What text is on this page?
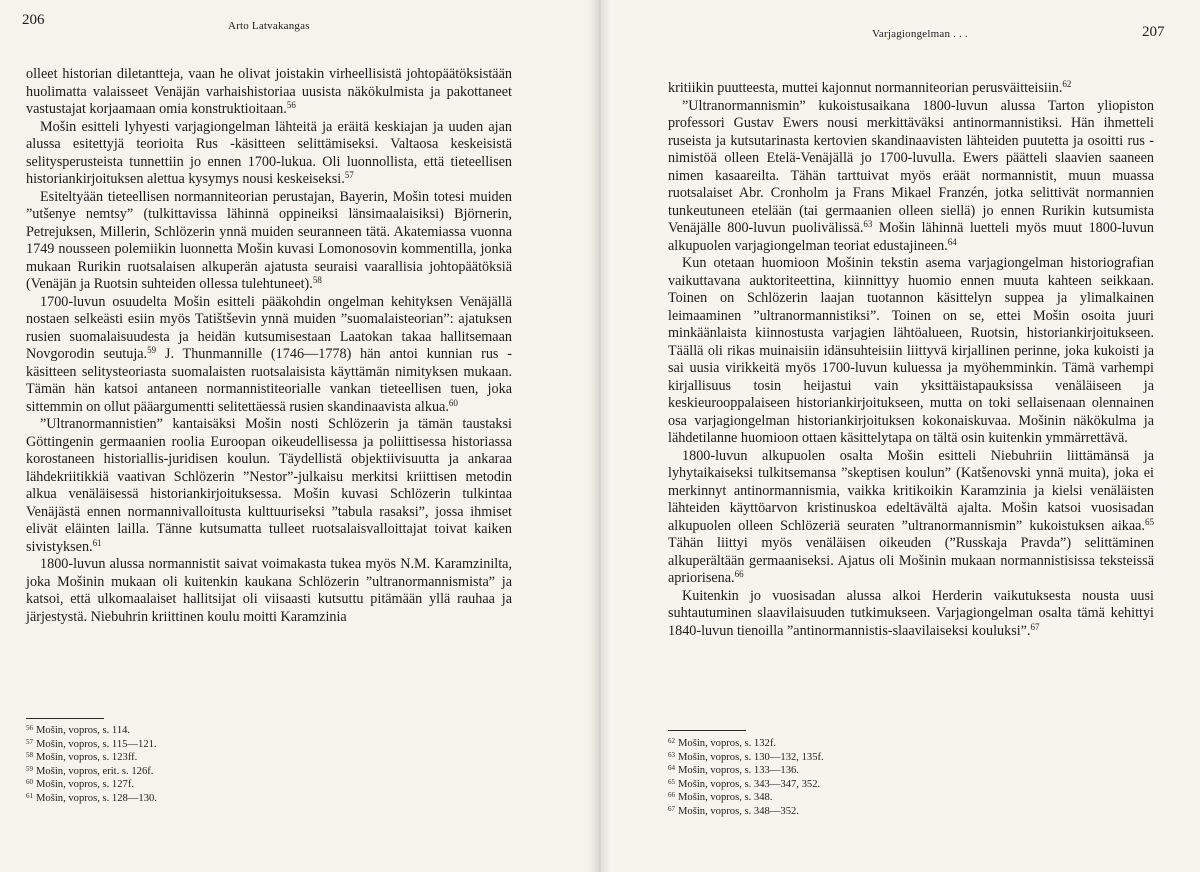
206	Arto Latvakangas

olleet historian diletantteja, vaan he olivat joistakin virheellisistä johtopäätöksistään huolimatta valaisseet Venäjän varhaishistoriaa uusista näkökulmista ja pakottaneet vastustajat korjaamaan omia konstruktioitaan.$^{56}$

Mošin esitteli lyhyesti varjagiongelman lähteitä ja eräitä keskiajan ja uuden ajan alussa esitettyjä teorioita Rus -käsitteen selittämiseksi. Valtaosa keskeisistä selitysperusteista tunnettiin jo ennen 1700-lukua. Oli luonnollista, että tieteellisen historiankirjoituksen alettua kysymys nousi keskeiseksi.$^{57}$

Esiteltyään tieteellisen normanniteorian perustajan, Bayerin, Mošin totesi muiden ”utšenye nemtsy” (tulkittavissa lähinnä oppineiksi länsimaalaisiksi) Björnerin, Petrejuksen, Millerin, Schlözerin ynnä muiden seuranneen tätä. Akatemiassa vuonna 1749 nousseen polemiikin luonnetta Mošin kuvasi Lomonosovin kommentilla, jonka mukaan Rurikin ruotsalaisen alkuperän ajatusta seuraisi vaarallisia johtopäätöksiä (Venäjän ja Ruotsin suhteiden ollessa tulehtuneet).$^{58}$

1700-luvun osuudelta Mošin esitteli pääkohdin ongelman kehityksen Venäjällä nostaen selkeästi esiin myös Tatištševin ynnä muiden ”suomalaisteorian”: ajatuksen rusien suomalaisuudesta ja heidän kutsumisestaan Laatokan takaa hallitsemaan Novgorodin seutuja.$^{59}$ J. Thunmannille (1746—1778) hän antoi kunnian rus -käsitteen selitysteoriasta suomalaisten ruotsalaisista käyttämän nimityksen mukaan. Tämän hän katsoi antaneen normannistiteorialle vankan tieteellisen tuen, joka sittemmin on ollut pääargumentti selitettäessä rusien skandinaavista alkua.$^{60}$

”Ultranormannistien” kantaisäksi Mošin nosti Schlözerin ja tämän taustaksi Göttingenin germaanien roolia Euroopan oikeudellisessa ja poliittisessa historiassa korostaneen historiallis-juridisen koulun. Täydellistä objektiivisuutta ja ankaraa lähdekriitikkiä vaativan Schlözerin ”Nestor”-julkaisu merkitsi kriittisen metodin alkua venäläisessä historiankirjoituksessa. Mošin kuvasi Schlözerin tulkintaa Venäjästä ennen normannivalloitusta kulttuuriseksi ”tabula rasaksi”, jossa ihmiset elivät eläinten lailla. Tänne kutsumatta tulleet ruotsalaisvalloittajat toivat kaiken sivistyksen.$^{61}$

1800-luvun alussa normannistit saivat voimakasta tukea myös N.M. Karamzinilta, joka Mošinin mukaan oli kuitenkin kaukana Schlözerin ”ultranormannismista” ja katsoi, että ulkomaalaiset hallitsijat oli viisaasti kutsuttu pitämään yllä rauhaa ja järjestystä. Niebuhrin kriittinen koulu moitti Karamzinia

$^{56}$ Mošin, vopros, s. 114.
$^{57}$ Mošin, vopros, s. 115—121.
$^{58}$ Mošin, vopros, s. 123ff.
$^{59}$ Mošin, vopros, erit. s. 126f.
$^{60}$ Mošin, vopros, s. 127f.
$^{61}$ Mošin, vopros, s. 128—130.
207
Varjagiongelman . . .

kritiikin puutteesta, muttei kajonnut normanniteorian perusväitteisiin.$^{62}$

”Ultranormannismin” kukoistusaikana 1800-luvun alussa Tarton yliopiston professori Gustav Ewers nousi merkittäväksi antinormannistiksi. Hän ihmetteli ruseista ja kutsutarinasta kertovien skandinaavisten lähteiden puutetta ja osoitti rus -nimistöä olleen Etelä-Venäjällä jo 1700-luvulla. Ewers päätteli slaavien saaneen nimen kasaareilta. Tähän tarttuivat myös eräät normannistit, muun muassa ruotsalaiset Abr. Cronholm ja Frans Mikael Franzén, jotka selittivät normannien tunkeutuneen etelään (tai germaanien olleen siellä) jo ennen Rurikin kutsumista Venäjälle 800-luvun puolivälissä.$^{63}$ Mošin lähinnä luetteli myös muut 1800-luvun alkupuolen varjagiongelman teoriat edustajineen.$^{64}$

Kun otetaan huomioon Mošinin tekstin asema varjagiongelman historiografian vaikuttavana auktoriteettina, kiinnittyy huomio ennen muuta kahteen seikkaan. Toinen on Schlözerin laajan tuotannon käsittelyn suppea ja ylimalkainen leimaaminen ”ultranormannistiksi”. Toinen on se, ettei Mošin osoita juuri minkäänlaista kiinnostusta varjagien lähtöalueen, Ruotsin, historiankirjoitukseen. Täällä oli rikas muinaisiin idänsuhteisiin liittyvä kirjallinen perinne, joka kukoisti ja sai uusia virikkeitä myös 1700-luvun kuluessa ja myöhemminkin. Tämä varhempi kirjallisuus tosin heijastui vain yksittäistapauksissa venäläiseen ja keskieurooppalaiseen historiankirjoitukseen, mutta on toki sellaisenaan olennainen osa varjagiongelman historiankirjoituksen kokonaiskuvaa. Mošinin näkökulma ja lähdetilanne huomioon ottaen käsittelytapa on tältä osin kuitenkin ymmärrettävä.

1800-luvun alkupuolen osalta Mošin esitteli Niebuhriin liittämänsä ja lyhytaikaiseksi tulkitsemansa ”skeptisen koulun” (Katšenovski ynnä muita), joka ei merkinnyt antinormannismia, vaikka kritikoikin Karamzinia ja kielsi venäläisten lähteiden käyttöarvon kristinuskoa edeltävältä ajalta. Mošin katsoi vuosisadan alkupuolen olleen Schlözeriä seuraten ”ultranormannismin” kukoistuksen aikaa.$^{65}$ Tähän liittyi myös venäläisen oikeuden (”Russkaja Pravda”) selittäminen alkuperältään germaaniseksi. Ajatus oli Mošinin mukaan normannistisissa teksteissä apriorisena.$^{66}$

Kuitenkin jo vuosisadan alussa alkoi Herderin vaikutuksesta nousta uusi suhtautuminen slaavilaisuuden tutkimukseen. Varjagiongelman osalta tämä kehittyi 1840-luvun tienoilla ”antinormannistis-slaavilaiseksi kouluksi”.$^{67}$

$^{62}$ Mošin, vopros, s. 132f.
$^{63}$ Mošin, vopros, s. 130—132, 135f.
$^{64}$ Mošin, vopros, s. 133—136.
$^{65}$ Mošin, vopros, s. 343—347, 352.
$^{66}$ Mošin, vopros, s. 348.
$^{67}$ Mošin, vopros, s. 348—352.
